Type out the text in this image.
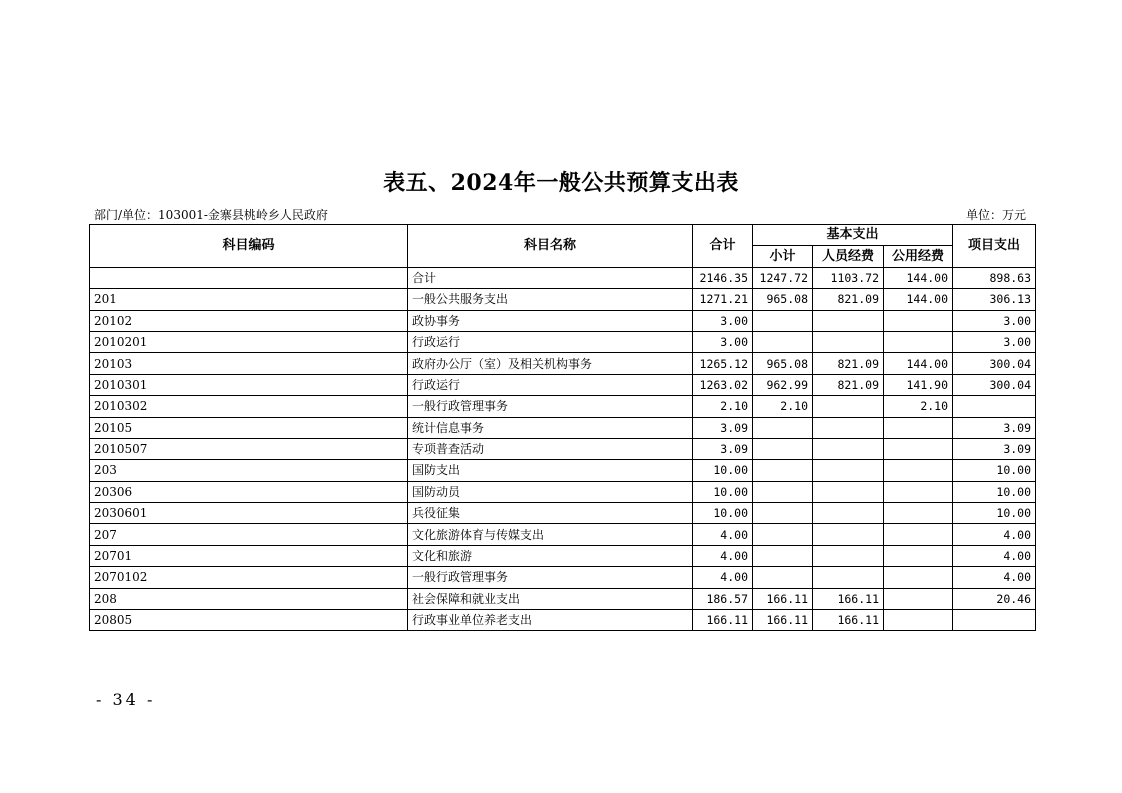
表五、2024年一般公共预算支出表
部门/单位：103001-金寨县桃岭乡人民政府	单位：万元
科目编码	科目名称	合计	基本支出			项目支出
			小计	人员经费	公用经费	
	合计	2146.35	1247.72	1103.72	144.00	898.63
201	一般公共服务支出	1271.21	965.08	821.09	144.00	306.13
20102	政协事务	3.00				3.00
2010201	行政运行	3.00				3.00
20103	政府办公厅（室）及相关机构事务	1265.12	965.08	821.09	144.00	300.04
2010301	行政运行	1263.02	962.99	821.09	141.90	300.04
2010302	一般行政管理事务	2.10	2.10		2.10	
20105	统计信息事务	3.09				3.09
2010507	专项普查活动	3.09				3.09
203	国防支出	10.00				10.00
20306	国防动员	10.00				10.00
2030601	兵役征集	10.00				10.00
207	文化旅游体育与传媒支出	4.00				4.00
20701	文化和旅游	4.00				4.00
2070102	一般行政管理事务	4.00				4.00
208	社会保障和就业支出	186.57	166.11	166.11		20.46
20805	行政事业单位养老支出	166.11	166.11	166.11		
- 34 -
